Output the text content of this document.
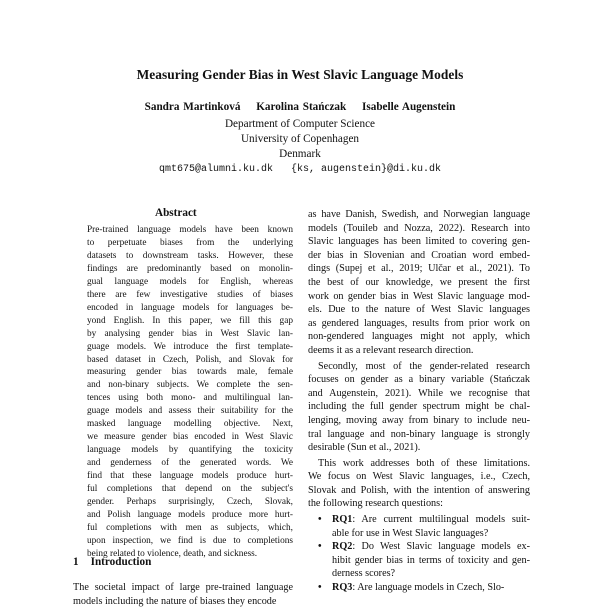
Measuring Gender Bias in West Slavic Language Models
Sandra Martinková Karolina Stańczak Isabelle Augenstein
Department of Computer Science
University of Copenhagen
Denmark
qmt675@alumni.ku.dk   {ks, augenstein}@di.ku.dk
Abstract
Pre-trained language models have been known
to perpetuate biases from the underlying
datasets to downstream tasks. However, these
findings are predominantly based on monolin-
gual language models for English, whereas
there are few investigative studies of biases
encoded in language models for languages be-
yond English. In this paper, we fill this gap
by analysing gender bias in West Slavic lan-
guage models. We introduce the first template-
based dataset in Czech, Polish, and Slovak for
measuring gender bias towards male, female
and non-binary subjects. We complete the sen-
tences using both mono- and multilingual lan-
guage models and assess their suitability for the
masked language modelling objective. Next,
we measure gender bias encoded in West Slavic
language models by quantifying the toxicity
and genderness of the generated words. We
find that these language models produce hurt-
ful completions that depend on the subject's
gender. Perhaps surprisingly, Czech, Slovak,
and Polish language models produce more hurt-
ful completions with men as subjects, which,
upon inspection, we find is due to completions
being related to violence, death, and sickness.
1 Introduction
The societal impact of large pre-trained language
models including the nature of biases they encode
as have Danish, Swedish, and Norwegian language
models (Touileb and Nozza, 2022). Research into
Slavic languages has been limited to covering gen-
der bias in Slovenian and Croatian word embed-
dings (Supej et al., 2019; Ulčar et al., 2021). To
the best of our knowledge, we present the first
work on gender bias in West Slavic language mod-
els. Due to the nature of West Slavic languages
as gendered languages, results from prior work on
non-gendered languages might not apply, which
deems it as a relevant research direction.
Secondly, most of the gender-related research
focuses on gender as a binary variable (Stańczak
and Augenstein, 2021). While we recognise that
including the full gender spectrum might be chal-
lenging, moving away from binary to include neu-
tral language and non-binary language is strongly
desirable (Sun et al., 2021).
This work addresses both of these limitations.
We focus on West Slavic languages, i.e., Czech,
Slovak and Polish, with the intention of answering
the following research questions:
• RQ1: Are current multilingual models suit-
able for use in West Slavic languages?
• RQ2: Do West Slavic language models ex-
hibit gender bias in terms of toxicity and gen-
derness scores?
• RQ3: Are language models in Czech, Slo-
